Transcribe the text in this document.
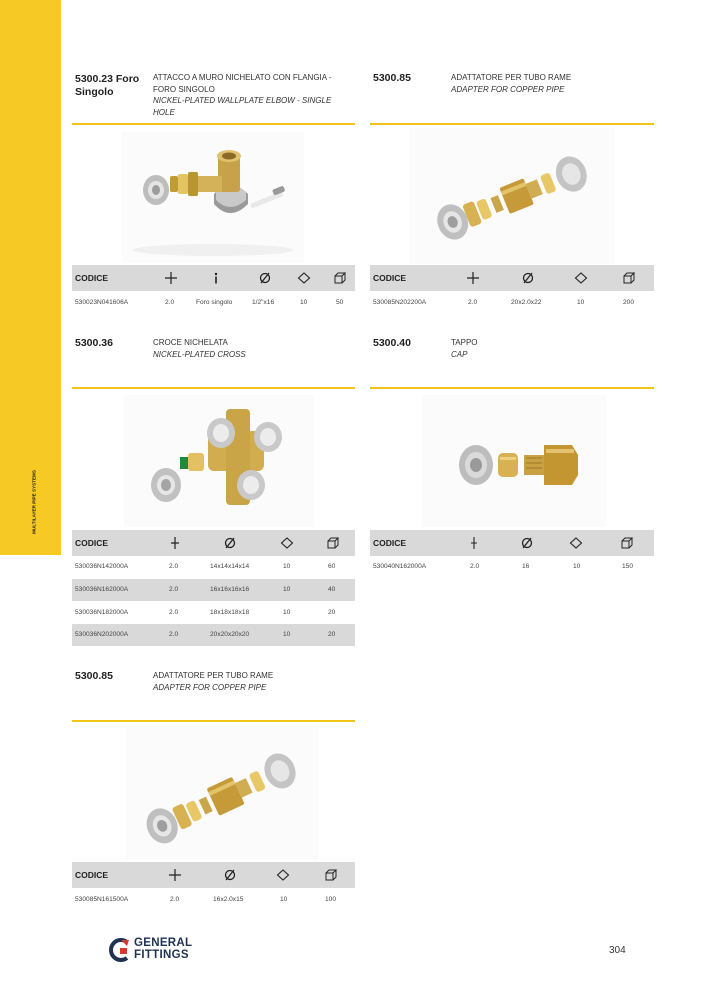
MULTILAYER PIPE SYSTEMS
5300.23 Foro Singolo
ATTACCO A MURO NICHELATO CON FLANGIA - FORO SINGOLO
NICKEL-PLATED WALLPLATE ELBOW - SINGLE HOLE
CODICE
530023N041606A	2.0	Foro singolo	1/2"x16	10	50
5300.85	ADATTATORE PER TUBO RAME
ADAPTER FOR COPPER PIPE
CODICE
530085N202200A	2.0	20x2.0x22	10	200
5300.36	CROCE NICHELATA
NICKEL-PLATED CROSS
CODICE
530036N142000A	2.0	14x14x14x14	10	60
530036N162000A	2.0	16x16x16x16	10	40
530036N182000A	2.0	18x18x18x18	10	20
530036N202000A	2.0	20x20x20x20	10	20
5300.40	TAPPO
CAP
CODICE
530040N162000A	2.0	16	10	150
5300.85	ADATTATORE PER TUBO RAME
ADAPTER FOR COPPER PIPE
CODICE
530085N161500A	2.0	16x2.0x15	10	100
GENERAL
FITTINGS	304
